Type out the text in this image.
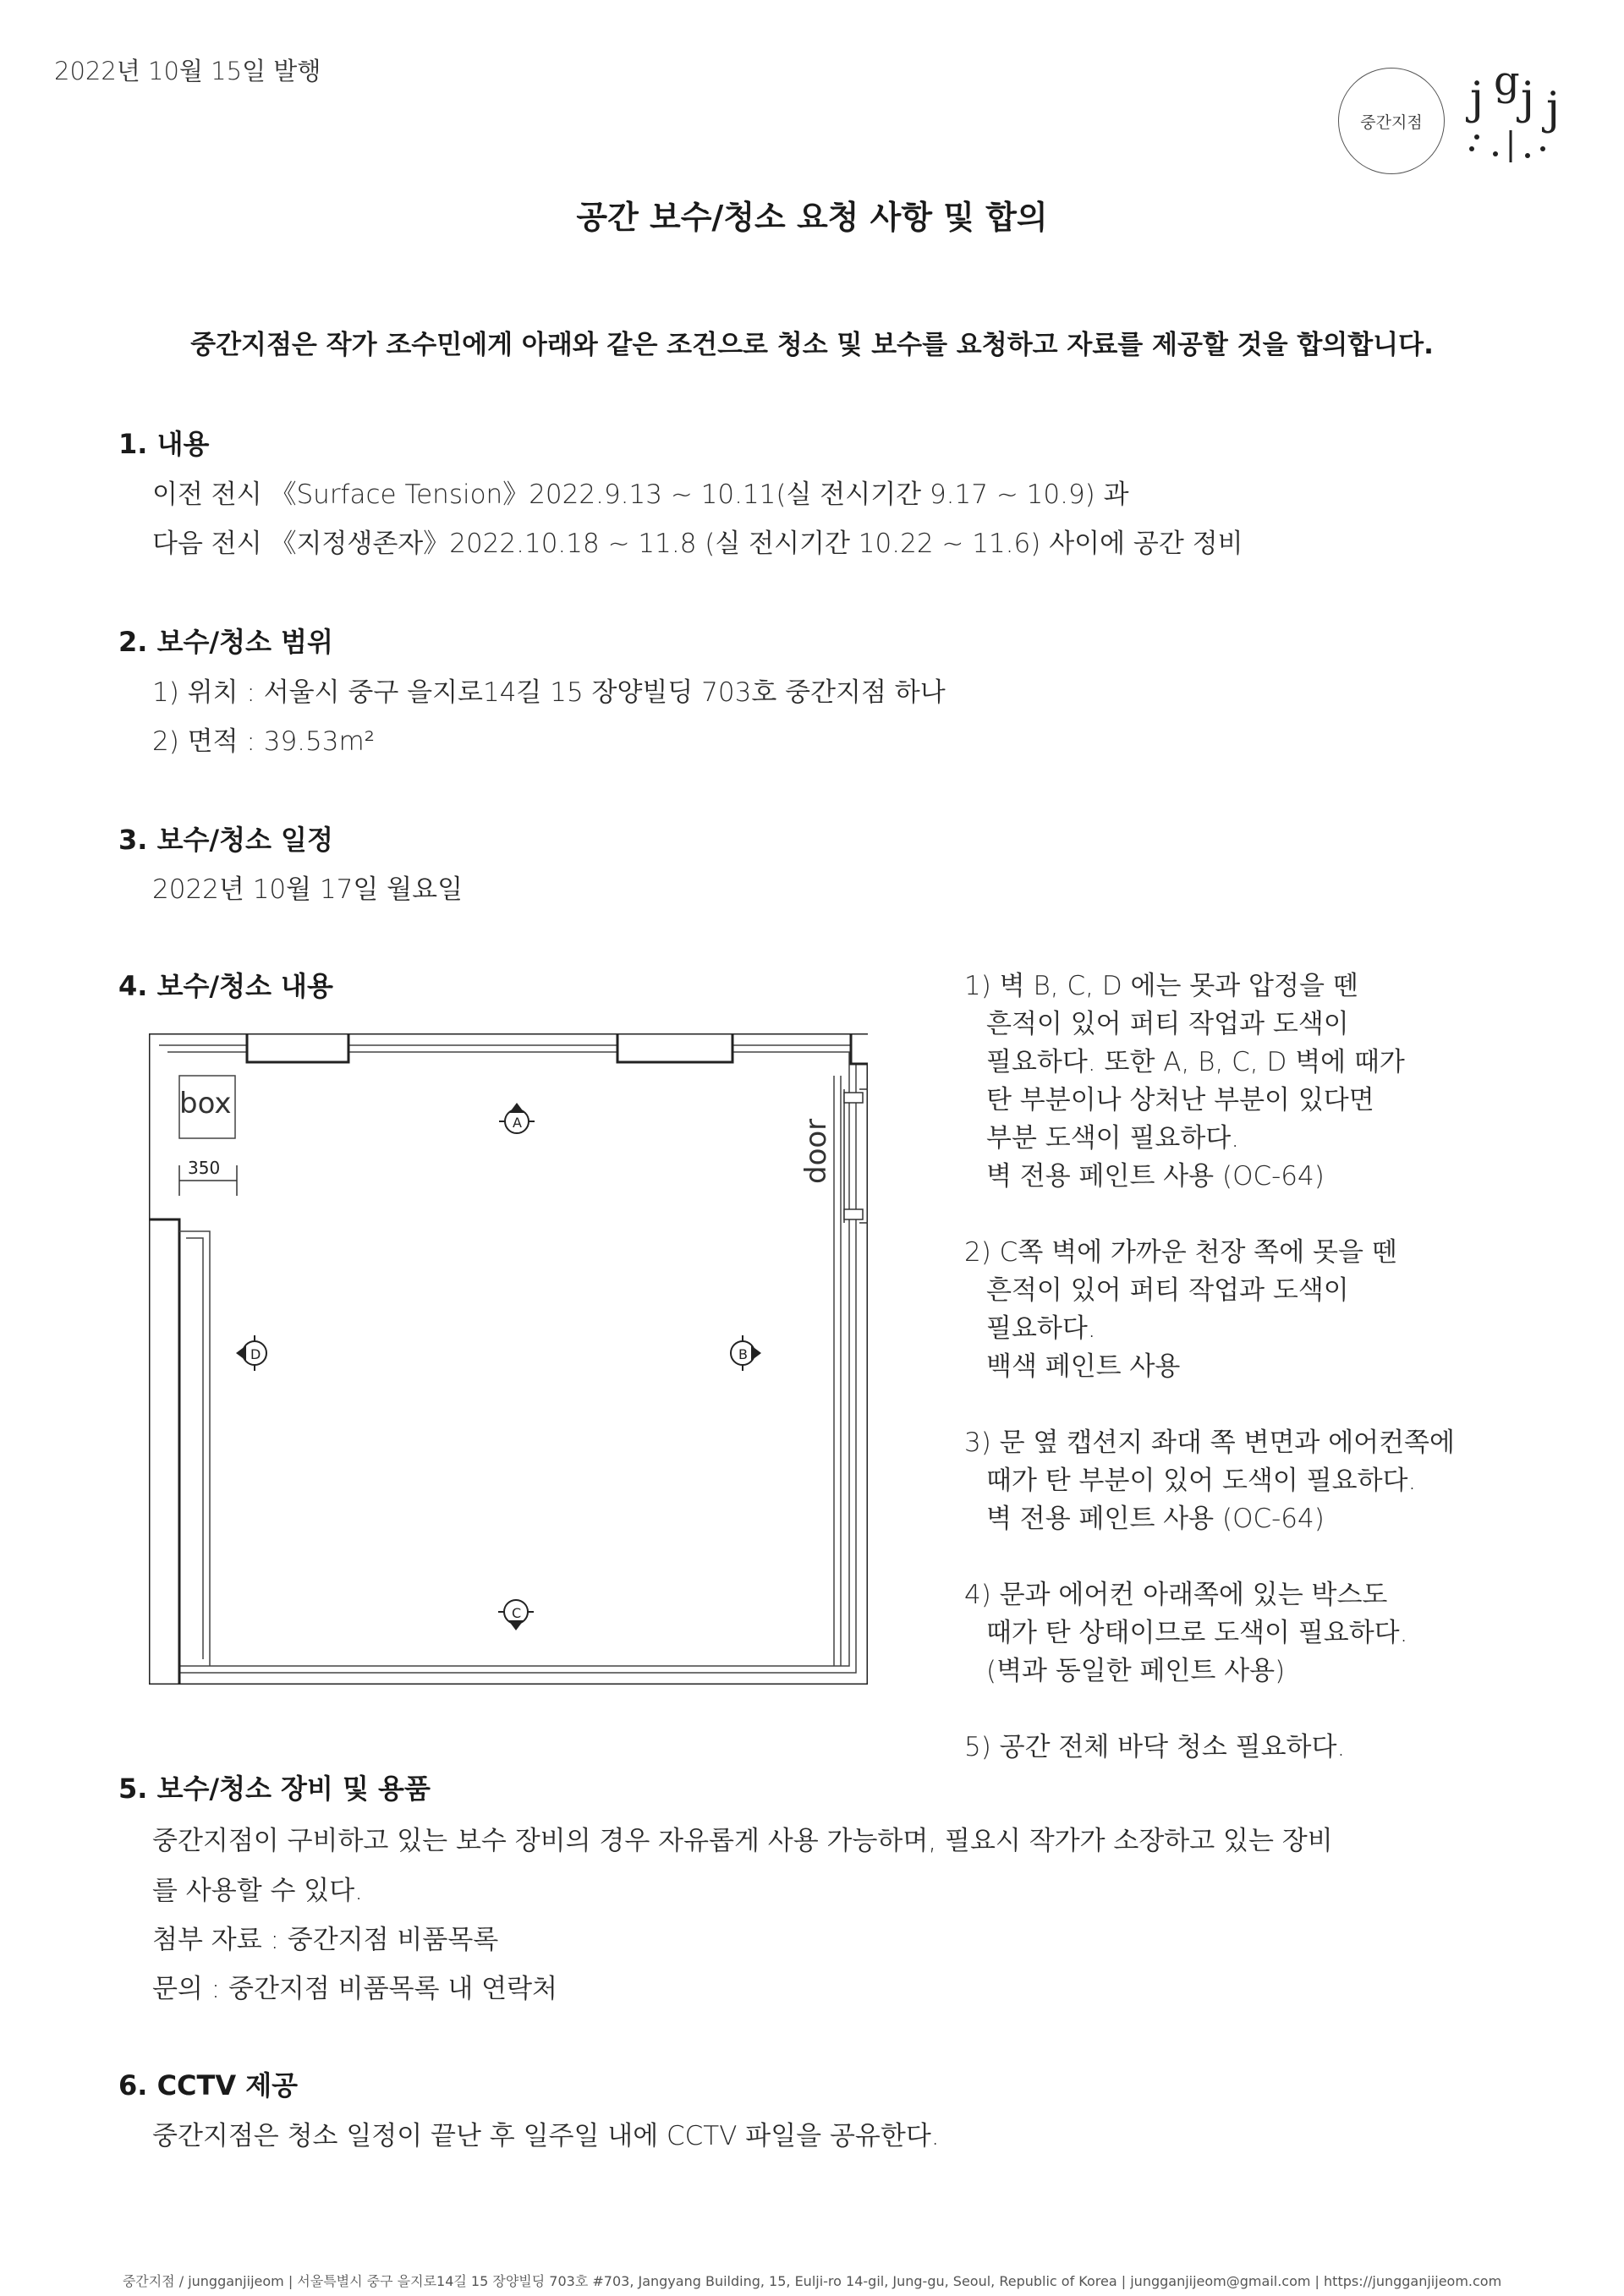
2022년 10월 15일 발행
중간지점 j g j j
공간 보수/청소 요청 사항 및 합의
중간지점은 작가 조수민에게 아래와 같은 조건으로 청소 및 보수를 요청하고 자료를 제공할 것을 합의합니다.
1. 내용
이전 전시 《Surface Tension》2022.9.13 ~ 10.11(실 전시기간 9.17 ~ 10.9) 과
다음 전시 《지정생존자》2022.10.18 ~ 11.8 (실 전시기간 10.22 ~ 11.6) 사이에 공간 정비
2. 보수/청소 범위
1) 위치 : 서울시 중구 을지로14길 15 장양빌딩 703호 중간지점 하나
2) 면적 : 39.53m²
3. 보수/청소 일정
2022년 10월 17일 월요일
4. 보수/청소 내용
box
350	door
A
B
C
D
1) 벽 B, C, D 에는 못과 압정을 뗀
흔적이 있어 퍼티 작업과 도색이
필요하다. 또한 A, B, C, D 벽에 때가
탄 부분이나 상처난 부분이 있다면
부분 도색이 필요하다.
벽 전용 페인트 사용 (OC-64)
2) C쪽 벽에 가까운 천장 쪽에 못을 뗀
흔적이 있어 퍼티 작업과 도색이
필요하다.
백색 페인트 사용
3) 문 옆 캡션지 좌대 쪽 변면과 에어컨쪽에
때가 탄 부분이 있어 도색이 필요하다.
벽 전용 페인트 사용 (OC-64)
4) 문과 에어컨 아래쪽에 있는 박스도
때가 탄 상태이므로 도색이 필요하다.
(벽과 동일한 페인트 사용)
5) 공간 전체 바닥 청소 필요하다.
5. 보수/청소 장비 및 용품
중간지점이 구비하고 있는 보수 장비의 경우 자유롭게 사용 가능하며, 필요시 작가가 소장하고 있는 장비
를 사용할 수 있다.
첨부 자료 : 중간지점 비품목록
문의 : 중간지점 비품목록 내 연락처
6. CCTV 제공
중간지점은 청소 일정이 끝난 후 일주일 내에 CCTV 파일을 공유한다.
중간지점 / jungganjijeom | 서울특별시 중구 을지로14길 15 장양빌딩 703호 #703, Jangyang Building, 15, Eulji-ro 14-gil, Jung-gu, Seoul, Republic of Korea | jungganjijeom@gmail.com | https://jungganjijeom.com
